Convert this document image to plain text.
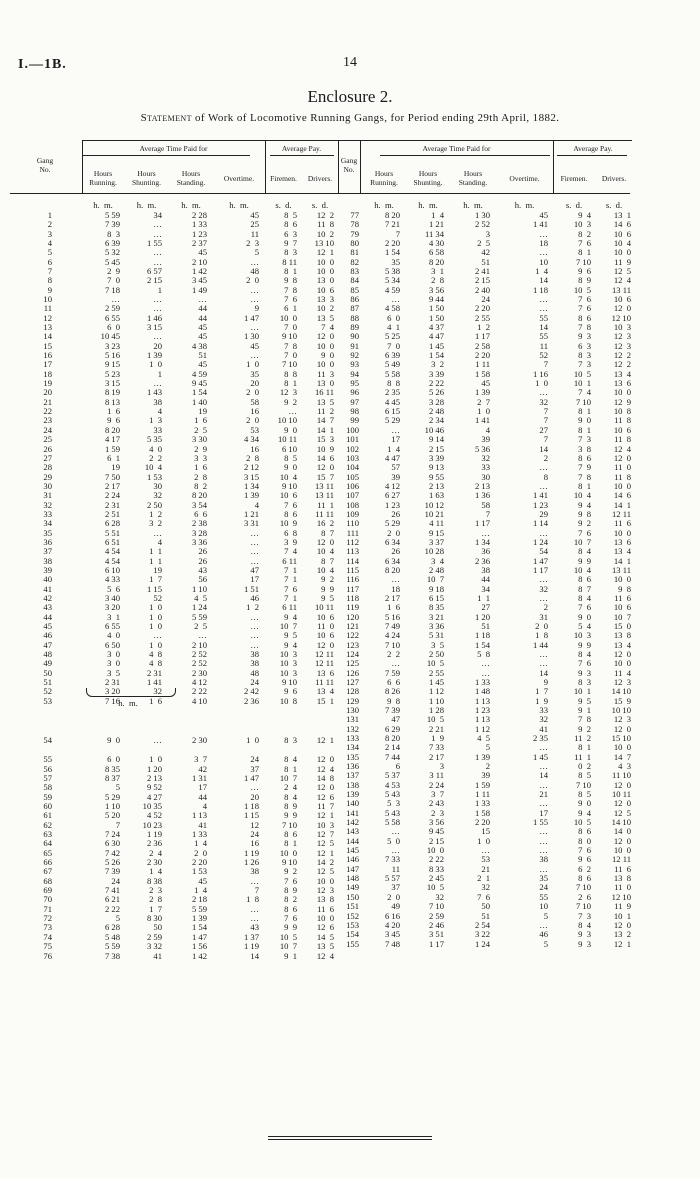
I.—1B.	14
Enclosure 2.
Statement of Work of Locomotive Running Gangs, for Period ending 29th April, 1882.
Gang
No.
Average Time Paid for	Average Pay.
Hours
Running.
Hours
Shunting.
Hours
Standing.	Overtime.	Firemen.	Drivers.
Gang
No.
Average Time Paid for	Average Pay.
Hours
Running.
Hours
Shunting.
Hours
Standing.	Overtime.	Firemen.	Drivers.

h.  m.

	h.  m.

	h.  m.

	h.  m.

	s.  d.

	s.  d.

	h.  m.

	h.  m.

	h.  m.

	h.  m.

	s.  d.

	s.  d.

1	5 59	34	2 28	45	8  5	12  2
2	7 39	…	1 33	25	8  6	11  8
3	8  3	…	1 23	11	6  3	10  2
4	6 39	1 55	2 37	2  3	9  7	13 10
5	5 32	…	45	5	8  3	12  1
6	5 45	…	2 10	…	8 11	10  0
7	2  9	6 57	1 42	48	8  1	10  0
8	7  0	2 15	3 45	2  0	9  8	13  0
9	7 18	1	1 49	…	7  8	10  6
10	…	…	…	…	7  6	13  3
11	2 59	…	44	9	6  1	10  2
12	6 55	1 46	44	1 47	10  0	13  5
13	6  0	3 15	45	…	7  0	7  4
14	10 45	…	45	1 30	9 10	12  0
15	3 23	20	4 38	45	7  8	10  0
16	5 16	1 39	51	…	7  0	9  0
17	9 15	1  0	45	1  0	7 10	10  0
18	5 23	1	4 59	35	8  8	11  3
19	3 15	…	9 45	20	8  1	13  0
20	8 19	1 43	1 54	2  0	12  3	16 11
21	8 13	38	1 40	58	9  2	13  5
22	1  6	4	19	16	…	11  2
23	9  6	1  3	1  6	2  0	10 10	14  7
24	8 20	33	2  5	53	9  0	14  1
25	4 17	5 35	3 30	4 34	10 11	15  3
26	1 59	4  0	2  9	16	6 10	10  9
27	6  1	2  2	3  3	2  8	8  5	14  6
28	19	10  4	1  6	2 12	9  0	12  0
29	7 50	1 53	2  8	3 15	10  4	15  7
30	2 17	30	8  2	1 34	9 10	13 11
31	2 24	32	8 20	1 39	10  6	13 11
32	2 31	2 50	3 54	4	7  6	11  1
33	2 51	1  2	6  6	1 21	8  6	11 11
34	6 28	3  2	2 38	3 31	10  9	16  2
35	5 51	…	3 28	…	6  8	8  7
36	6 51	4	3 36	…	3  9	12  0
37	4 54	1  1	26	…	7  4	10  4
38	4 54	1  1	26	…	6 11	8  7
39	6 10	19	43	47	7  1	10  4
40	4 33	1  7	56	17	7  1	9  2
41	5  6	1 15	1 10	1 51	7  6	9  9
42	3 40	52	4  5	46	7  1	9  5
43	3 20	1  0	1 24	1  2	6 11	10 11
44	3  1	1  0	5 59	…	9  4	10  6
45	6 55	1  0	2  5	…	10  7	11  0
46	4  0	…	…	…	9  5	10  6
47	6 50	1  0	2 10	…	9  4	12  0
48	3  0	4  8	2 52	38	10  3	12 11
49	3  0	4  8	2 52	38	10  3	12 11
50	3  5	2 31	2 30	48	10  3	13  6
51	2 31	1 41	4 12	24	9 10	11 11
52	3 20	32	2 22	2 42	9  6	13  4
53	7 16	1  6	4 10	2 36	10  8	15  1
54	9  0	…	2 30	1  0	8  3	12  1
55	6  0	1  0	3  7	24	8  4	12  0
56	8 35	1 20	42	37	8  1	12  4
57	8 37	2 13	1 31	1 47	10  7	14  8
58	5	9 52	17	…	2  4	12  0
59	5 29	4 27	44	20	8  4	12  6
60	1 10	10 35	4	1 18	8  9	11  7
61	5 20	4 52	1 13	1 15	9  9	12  1
62	7	10 23	41	12	7 10	10  3
63	7 24	1 19	1 33	24	8  6	12  7
64	6 30	2 36	1  4	16	8  1	12  5
65	7 42	2  4	2  0	1 19	10  0	12  1
66	5 26	2 30	2 20	1 26	9 10	14  2
67	7 39	1  4	1 53	38	9  2	12  5
68	24	8 38	45	…	7  6	10  0
69	7 41	2  3	1  4	7	8  9	12  3
70	6 21	2  8	2 18	1  8	8  2	13  8
71	2 22	1  7	5 59	…	8  6	11  6
72	5	8 30	1 39	…	7  6	10  0
73	6 28	50	1 54	43	9  9	12  6
74	5 48	2 59	1 47	1 37	10  5	14  5
75	5 59	3 32	1 56	1 19	10  7	13  5
76	7 38	41	1 42	14	9  1	12  4
77	8 20	1  4	1 30	45	9  4	13  1
78	7 21	1 21	2 52	1 41	10  3	14  6
79	7	11 34	3	…	8  2	10  6
80	2 20	4 30	2  5	18	7  6	10  4
81	1 54	6 58	42	…	8  1	10  0
82	35	8 20	51	10	7 10	11  9
83	5 38	3  1	2 41	1  4	9  6	12  5
84	5 34	2  8	2 15	14	8  9	12  4
85	4 59	3 56	2 40	1 18	10  5	13 11
86	…	9 44	24	…	7  6	10  6
87	4 58	1 50	2 20	…	7  6	12  0
88	6  0	1 50	2 55	55	8  6	12 10
89	4  1	4 37	1  2	14	7  8	10  3
90	5 25	4 47	1 17	55	9  3	12  3
91	7  0	1 45	2 58	11	6  3	12  3
92	6 39	1 54	2 20	52	8  3	12  2
93	5 49	3  2	1 11	7	7  3	12  2
94	5 58	3 39	1 58	1 16	10  5	13  4
95	8  8	2 22	45	1  0	10  1	13  6
96	2 35	5 26	1 39	…	7  4	10  0
97	4 45	3 28	2  7	32	7 10	12  9
98	6 15	2 48	1  0	7	8  1	10  8
99	5 29	2 34	1 41	7	9  0	11  8
100	…	10 46	4	27	8  1	10  6
101	17	9 14	39	7	7  3	11  8
102	1  4	2 15	5 36	14	3  8	12  4
103	4 47	3 39	32	2	8  6	12  0
104	57	9 13	33	…	7  9	11  0
105	39	9 55	30	8	7  8	11  8
106	4 12	2 13	2 13	…	8  1	10  0
107	6 27	1 63	1 36	1 41	10  4	14  6
108	1 23	10 12	58	1 23	9  4	14  1
109	26	10 21	7	29	9  8	12 11
110	5 29	4 11	1 17	1 14	9  2	11  6
111	2  0	9 15	…	…	7  6	10  0
112	6 34	3 37	1 34	1 24	10  7	13  6
113	26	10 28	36	54	8  4	13  4
114	6 34	3  4	2 36	1 47	9  9	14  1
115	8 20	2 48	38	1 17	10  4	13 11
116	…	10  7	44	…	8  6	10  0
117	18	9 18	34	32	8  7	9  8
118	2 17	6 15	1  1	…	8  4	11  6
119	1  6	8 35	27	2	7  6	10  6
120	5 16	3 21	1 20	31	9  0	10  7
121	7 49	3 36	51	2  0	5  4	15  0
122	4 24	5 31	1 18	1  8	10  3	13  8
123	7 10	3  5	1 54	1 44	9  9	13  4
124	2  2	2 50	5  8	…	8  4	12  0
125	…	10  5	…	…	7  6	10  0
126	7 59	2 55	…	14	9  3	11  4
127	6  6	1 45	1 33	9	8  3	12  3
128	8 26	1 12	1 48	1  7	10  1	14 10
129	9  8	1 10	1 13	1  9	9  5	15  9
130	7 39	1 28	1 23	33	9  1	10 10
131	47	10  5	1 13	32	7  8	12  3
132	6 29	2 21	1 12	41	9  2	12  0
133	8 20	1  9	4  5	2 35	11  2	15 10
134	2 14	7 33	5	…	8  1	10  0
135	7 44	2 17	1 39	1 45	11  1	14  7
136	6	3	2	…	0  2	4  3
137	5 37	3 11	39	14	8  5	11 10
138	4 53	2 24	1 59	…	7 10	12  0
139	5 43	3  7	1 11	21	8  5	10 11
140	5  3	2 43	1 33	…	9  0	12  0
141	5 43	2  3	1 58	17	9  4	12  5
142	5 58	3 56	2 20	1 55	10  5	14 10
143	…	9 45	15	…	8  6	14  0
144	5  0	2 15	1  0	…	8  0	12  0
145	…	10  0	…	…	7  6	10  0
146	7 33	2 22	53	38	9  6	12 11
147	11	8 33	21	…	6  2	11  6
148	5 57	2 45	2  1	35	8  6	13  8
149	37	10  5	32	24	7 10	11  0
150	2  0	32	7  6	55	2  6	12 10
151	49	7 10	50	10	7 10	11  9
152	6 16	2 59	51	5	7  3	10  1
153	4 20	2 46	2 54	…	8  4	12  0
154	3 45	3 51	3 22	46	9  3	13  2
155	7 48	1 17	1 24	5	9  3	12  1
h.  m.
